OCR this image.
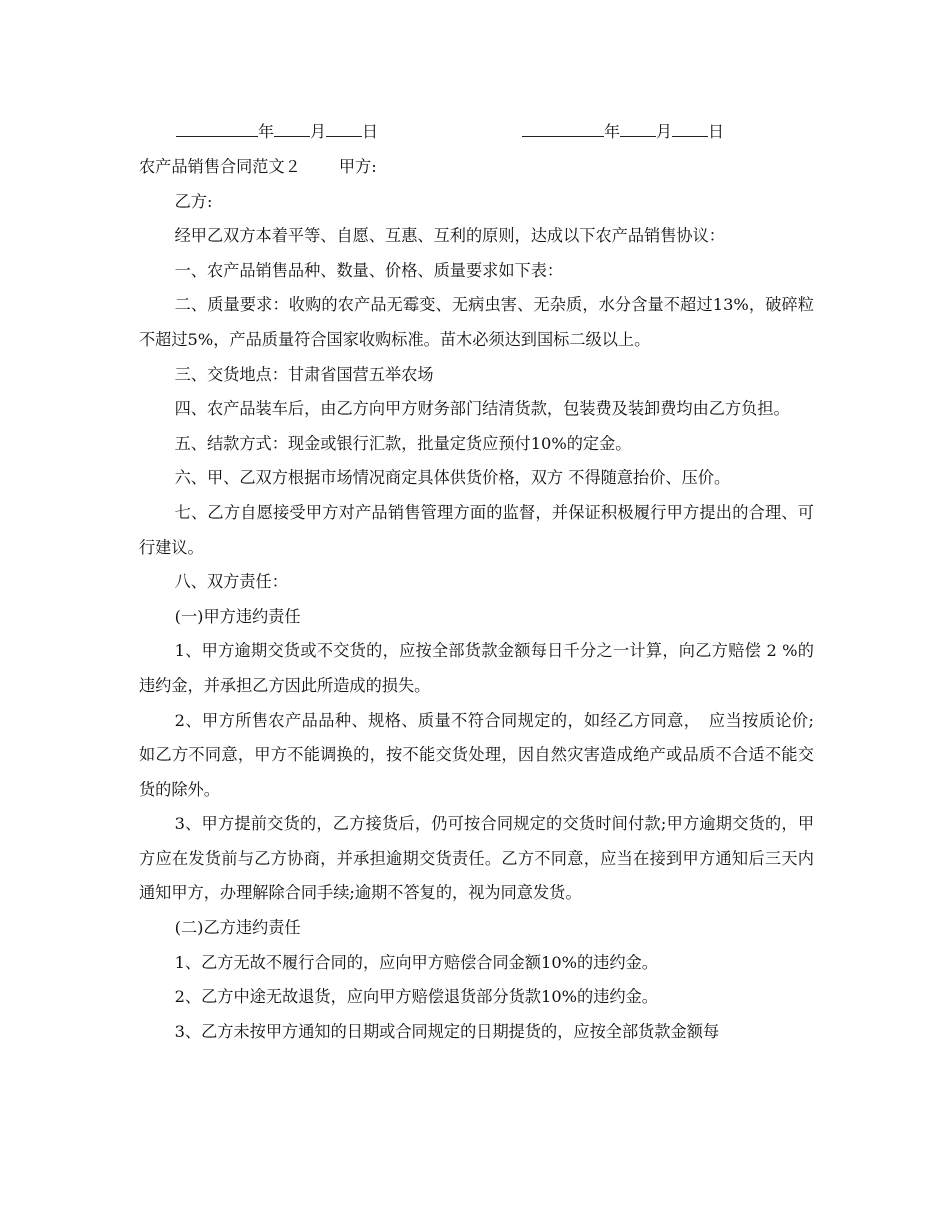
年 月 日	年 月 日

农产品销售合同范文２ 甲方:

乙方:

经甲乙双方本着平等、自愿、互惠、互利的原则，达成以下农产品销售协议：

一、农产品销售品种、数量、价格、质量要求如下表：

二、质量要求：收购的农产品无霉变、无病虫害、无杂质，水分含量不超过13%，破碎粒不超过5%，产品质量符合国家收购标准。苗木必须达到国标二级以上。

三、交货地点：甘肃省国营五举农场

四、农产品装车后，由乙方向甲方财务部门结清货款，包装费及装卸费均由乙方负担。

五、结款方式：现金或银行汇款，批量定货应预付10%的定金。

六、甲、乙双方根据市场情况商定具体供货价格，双方 不得随意抬价、压价。

七、乙方自愿接受甲方对产品销售管理方面的监督，并保证积极履行甲方提出的合理、可行建议。

八、双方责任：

(一)甲方违约责任

1、甲方逾期交货或不交货的，应按全部货款金额每日千分之一计算，向乙方赔偿 2 %的违约金，并承担乙方因此所造成的损失。

2、甲方所售农产品品种、规格、质量不符合同规定的，如经乙方同意，　应当按质论价; 如乙方不同意，甲方不能调换的，按不能交货处理，因自然灾害造成绝产或品质不合适不能交货的除外。

3、甲方提前交货的，乙方接货后，仍可按合同规定的交货时间付款;甲方逾期交货的，甲方应在发货前与乙方协商，并承担逾期交货责任。乙方不同意，应当在接到甲方通知后三天内通知甲方，办理解除合同手续;逾期不答复的，视为同意发货。

(二)乙方违约责任

1、乙方无故不履行合同的，应向甲方赔偿合同金额10%的违约金。

2、乙方中途无故退货，应向甲方赔偿退货部分货款10%的违约金。

3、乙方未按甲方通知的日期或合同规定的日期提货的，应按全部货款金额每
